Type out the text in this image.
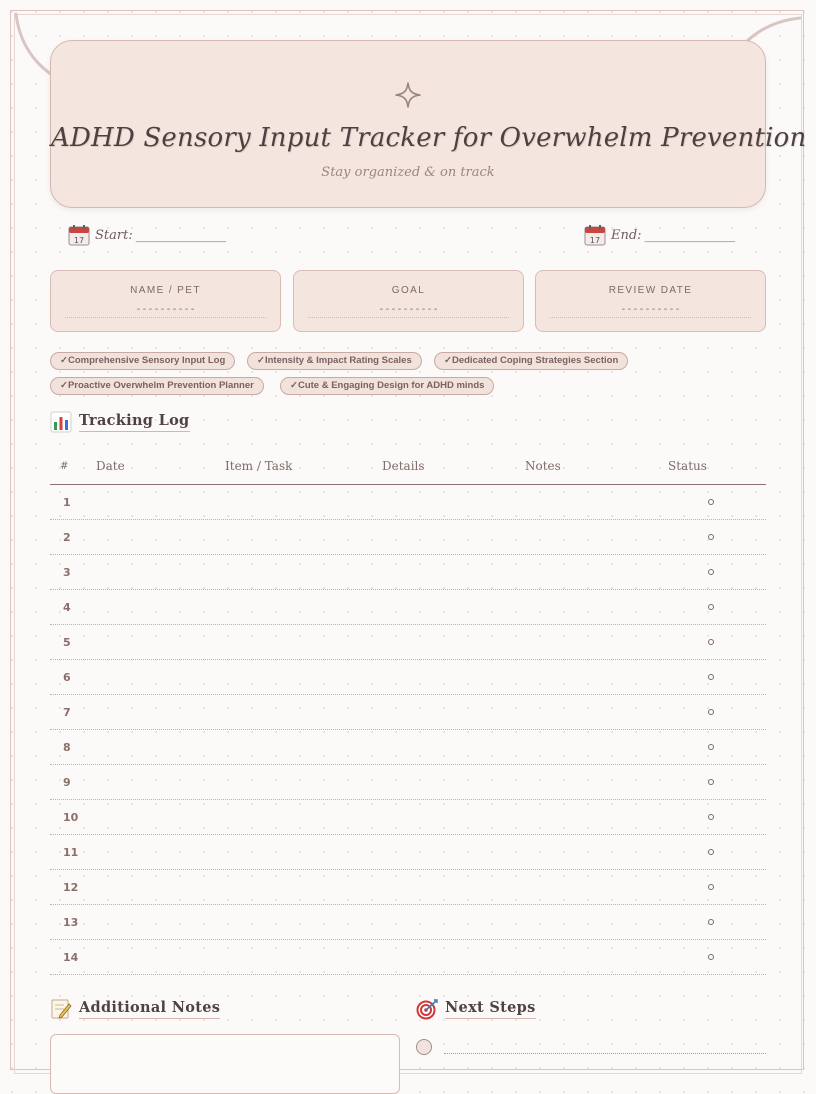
ADHD Sensory Input Tracker for Overwhelm Prevention
Stay organized & on track
17 Start: _______________	17 End: _______________
NAME / PET
----------
GOAL
----------
REVIEW DATE
----------
✓Comprehensive Sensory Input Log	✓Intensity & Impact Rating Scales	✓Dedicated Coping Strategies Section
✓Proactive Overwhelm Prevention Planner	✓Cute & Engaging Design for ADHD minds
Tracking Log
# Date	Item / Task	Details	Notes	Status
1
2
3
4
5
6
7
8
9
10
11
12
13
14
Additional Notes	Next Steps
